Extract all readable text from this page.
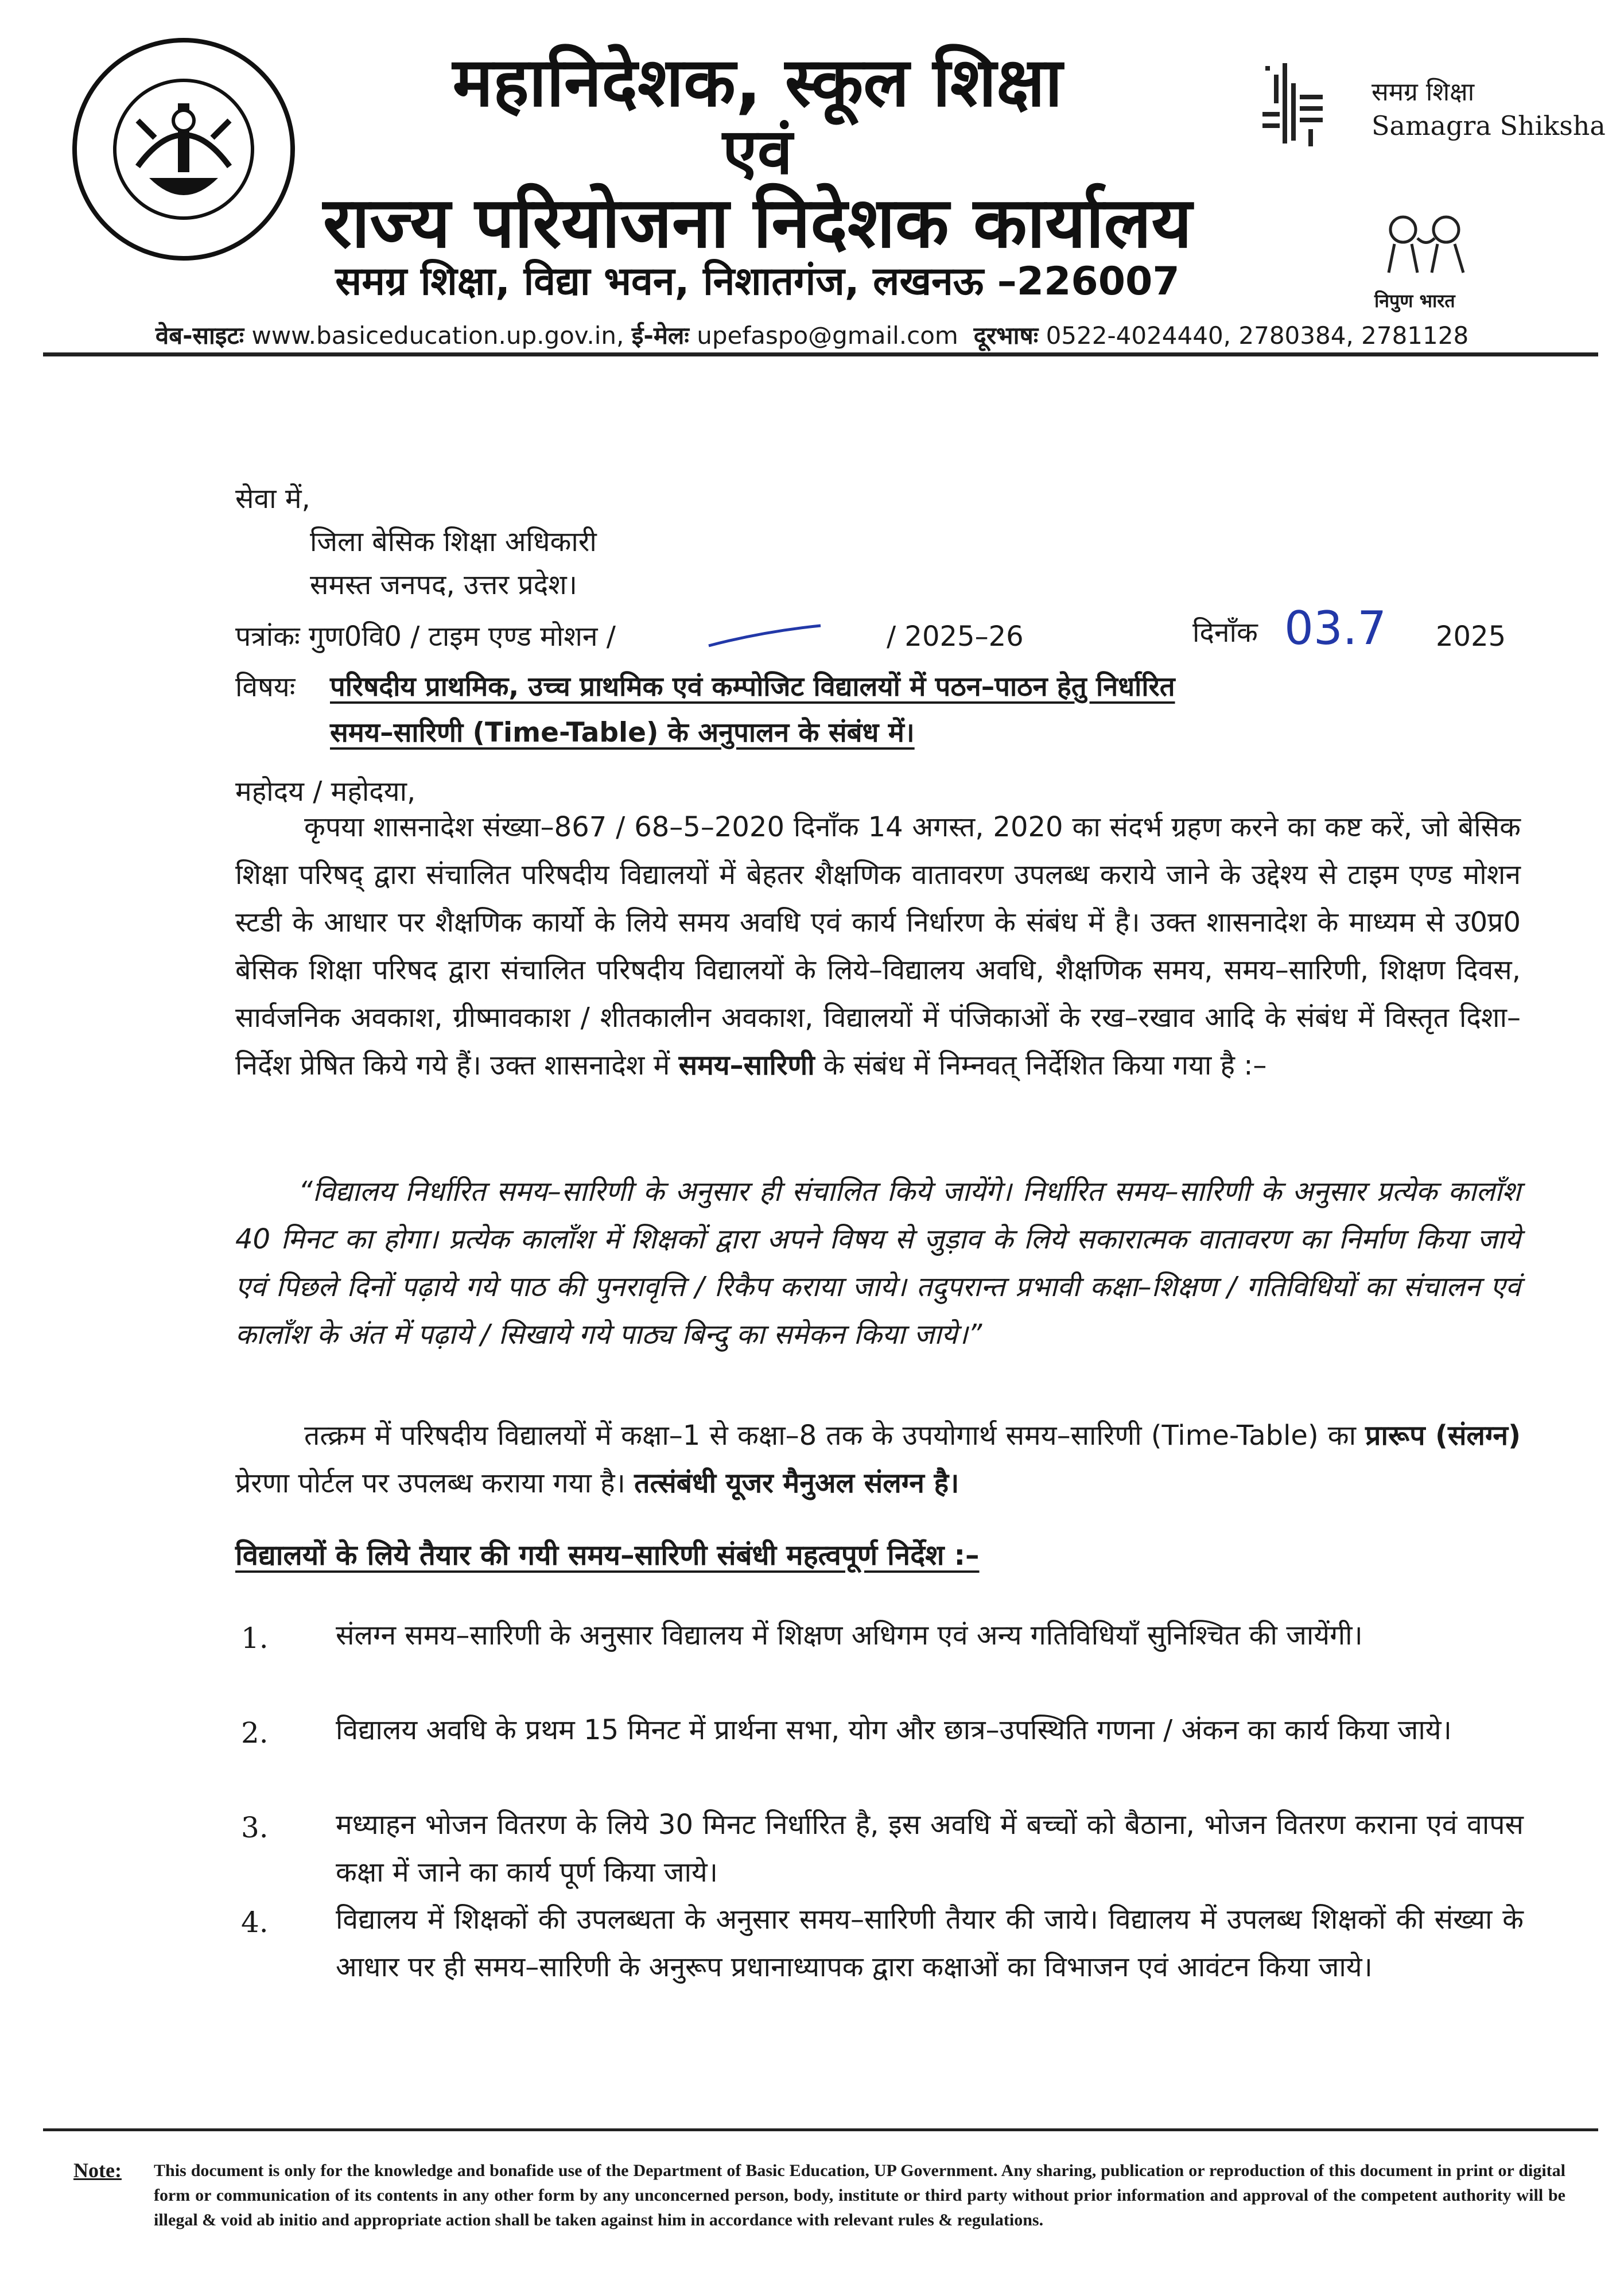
महानिदेशक, स्कूल शिक्षा
एवं
राज्य परियोजना निदेशक कार्यालय
समग्र शिक्षा, विद्या भवन, निशातगंज, लखनऊ –226007
वेब-साइटः www.basiceducation.up.gov.in, ई-मेलः upefaspo@gmail.com दूरभाषः 0522-4024440, 2780384, 2781128
समग्र शिक्षा
Samagra Shiksha
निपुण भारत
सेवा में,
जिला बेसिक शिक्षा अधिकारी
समस्त जनपद, उत्तर प्रदेश।
पत्रांकः गुण0वि0 / टाइम एण्ड मोशन /	/ 2025–26	दिनाँक 03.7 2025
विषयः परिषदीय प्राथमिक, उच्च प्राथमिक एवं कम्पोजिट विद्यालयों में पठन–पाठन हेतु निर्धारित
समय–सारिणी (Time-Table) के अनुपालन के संबंध में।
महोदय / महोदया,
कृपया शासनादेश संख्या–867 / 68–5–2020 दिनाँक 14 अगस्त, 2020 का संदर्भ ग्रहण करने का कष्ट करें, जो बेसिक शिक्षा परिषद् द्वारा संचालित परिषदीय विद्यालयों में बेहतर शैक्षणिक वातावरण उपलब्ध कराये जाने के उद्देश्य से टाइम एण्ड मोशन स्टडी के आधार पर शैक्षणिक कार्यो के लिये समय अवधि एवं कार्य निर्धारण के संबंध में है। उक्त शासनादेश के माध्यम से उ0प्र0 बेसिक शिक्षा परिषद द्वारा संचालित परिषदीय विद्यालयों के लिये–विद्यालय अवधि, शैक्षणिक समय, समय–सारिणी, शिक्षण दिवस, सार्वजनिक अवकाश, ग्रीष्मावकाश / शीतकालीन अवकाश, विद्यालयों में पंजिकाओं के रख–रखाव आदि के संबंध में विस्तृत दिशा–निर्देश प्रेषित किये गये हैं। उक्त शासनादेश में समय–सारिणी के संबंध में निम्नवत् निर्देशित किया गया है :–
“विद्यालय निर्धारित समय–सारिणी के अनुसार ही संचालित किये जायेंगे। निर्धारित समय–सारिणी के अनुसार प्रत्येक कालाँश 40 मिनट का होगा। प्रत्येक कालाँश में शिक्षकों द्वारा अपने विषय से जुड़ाव के लिये सकारात्मक वातावरण का निर्माण किया जाये एवं पिछले दिनों पढ़ाये गये पाठ की पुनरावृत्ति / रिकैप कराया जाये। तदुपरान्त प्रभावी कक्षा–शिक्षण / गतिविधियों का संचालन एवं कालाँश के अंत में पढ़ाये / सिखाये गये पाठ्य बिन्दु का समेकन किया जाये।”
तत्क्रम में परिषदीय विद्यालयों में कक्षा–1 से कक्षा–8 तक के उपयोगार्थ समय–सारिणी (Time-Table) का प्रारूप (संलग्न) प्रेरणा पोर्टल पर उपलब्ध कराया गया है। तत्संबंधी यूजर मैनुअल संलग्न है।
विद्यालयों के लिये तैयार की गयी समय–सारिणी संबंधी महत्वपूर्ण निर्देश :–
1. संलग्न समय–सारिणी के अनुसार विद्यालय में शिक्षण अधिगम एवं अन्य गतिविधियाँ सुनिश्चित की जायेंगी।
2. विद्यालय अवधि के प्रथम 15 मिनट में प्रार्थना सभा, योग और छात्र–उपस्थिति गणना / अंकन का कार्य किया जाये।
3. मध्याहन भोजन वितरण के लिये 30 मिनट निर्धारित है, इस अवधि में बच्चों को बैठाना, भोजन वितरण कराना एवं वापस कक्षा में जाने का कार्य पूर्ण किया जाये।
4. विद्यालय में शिक्षकों की उपलब्धता के अनुसार समय–सारिणी तैयार की जाये। विद्यालय में उपलब्ध शिक्षकों की संख्या के आधार पर ही समय–सारिणी के अनुरूप प्रधानाध्यापक द्वारा कक्षाओं का विभाजन एवं आवंटन किया जाये।
Note: This document is only for the knowledge and bonafide use of the Department of Basic Education, UP Government. Any sharing, publication or reproduction of this document in print or digital form or communication of its contents in any other form by any unconcerned person, body, institute or third party without prior information and approval of the competent authority will be illegal & void ab initio and appropriate action shall be taken against him in accordance with relevant rules & regulations.
